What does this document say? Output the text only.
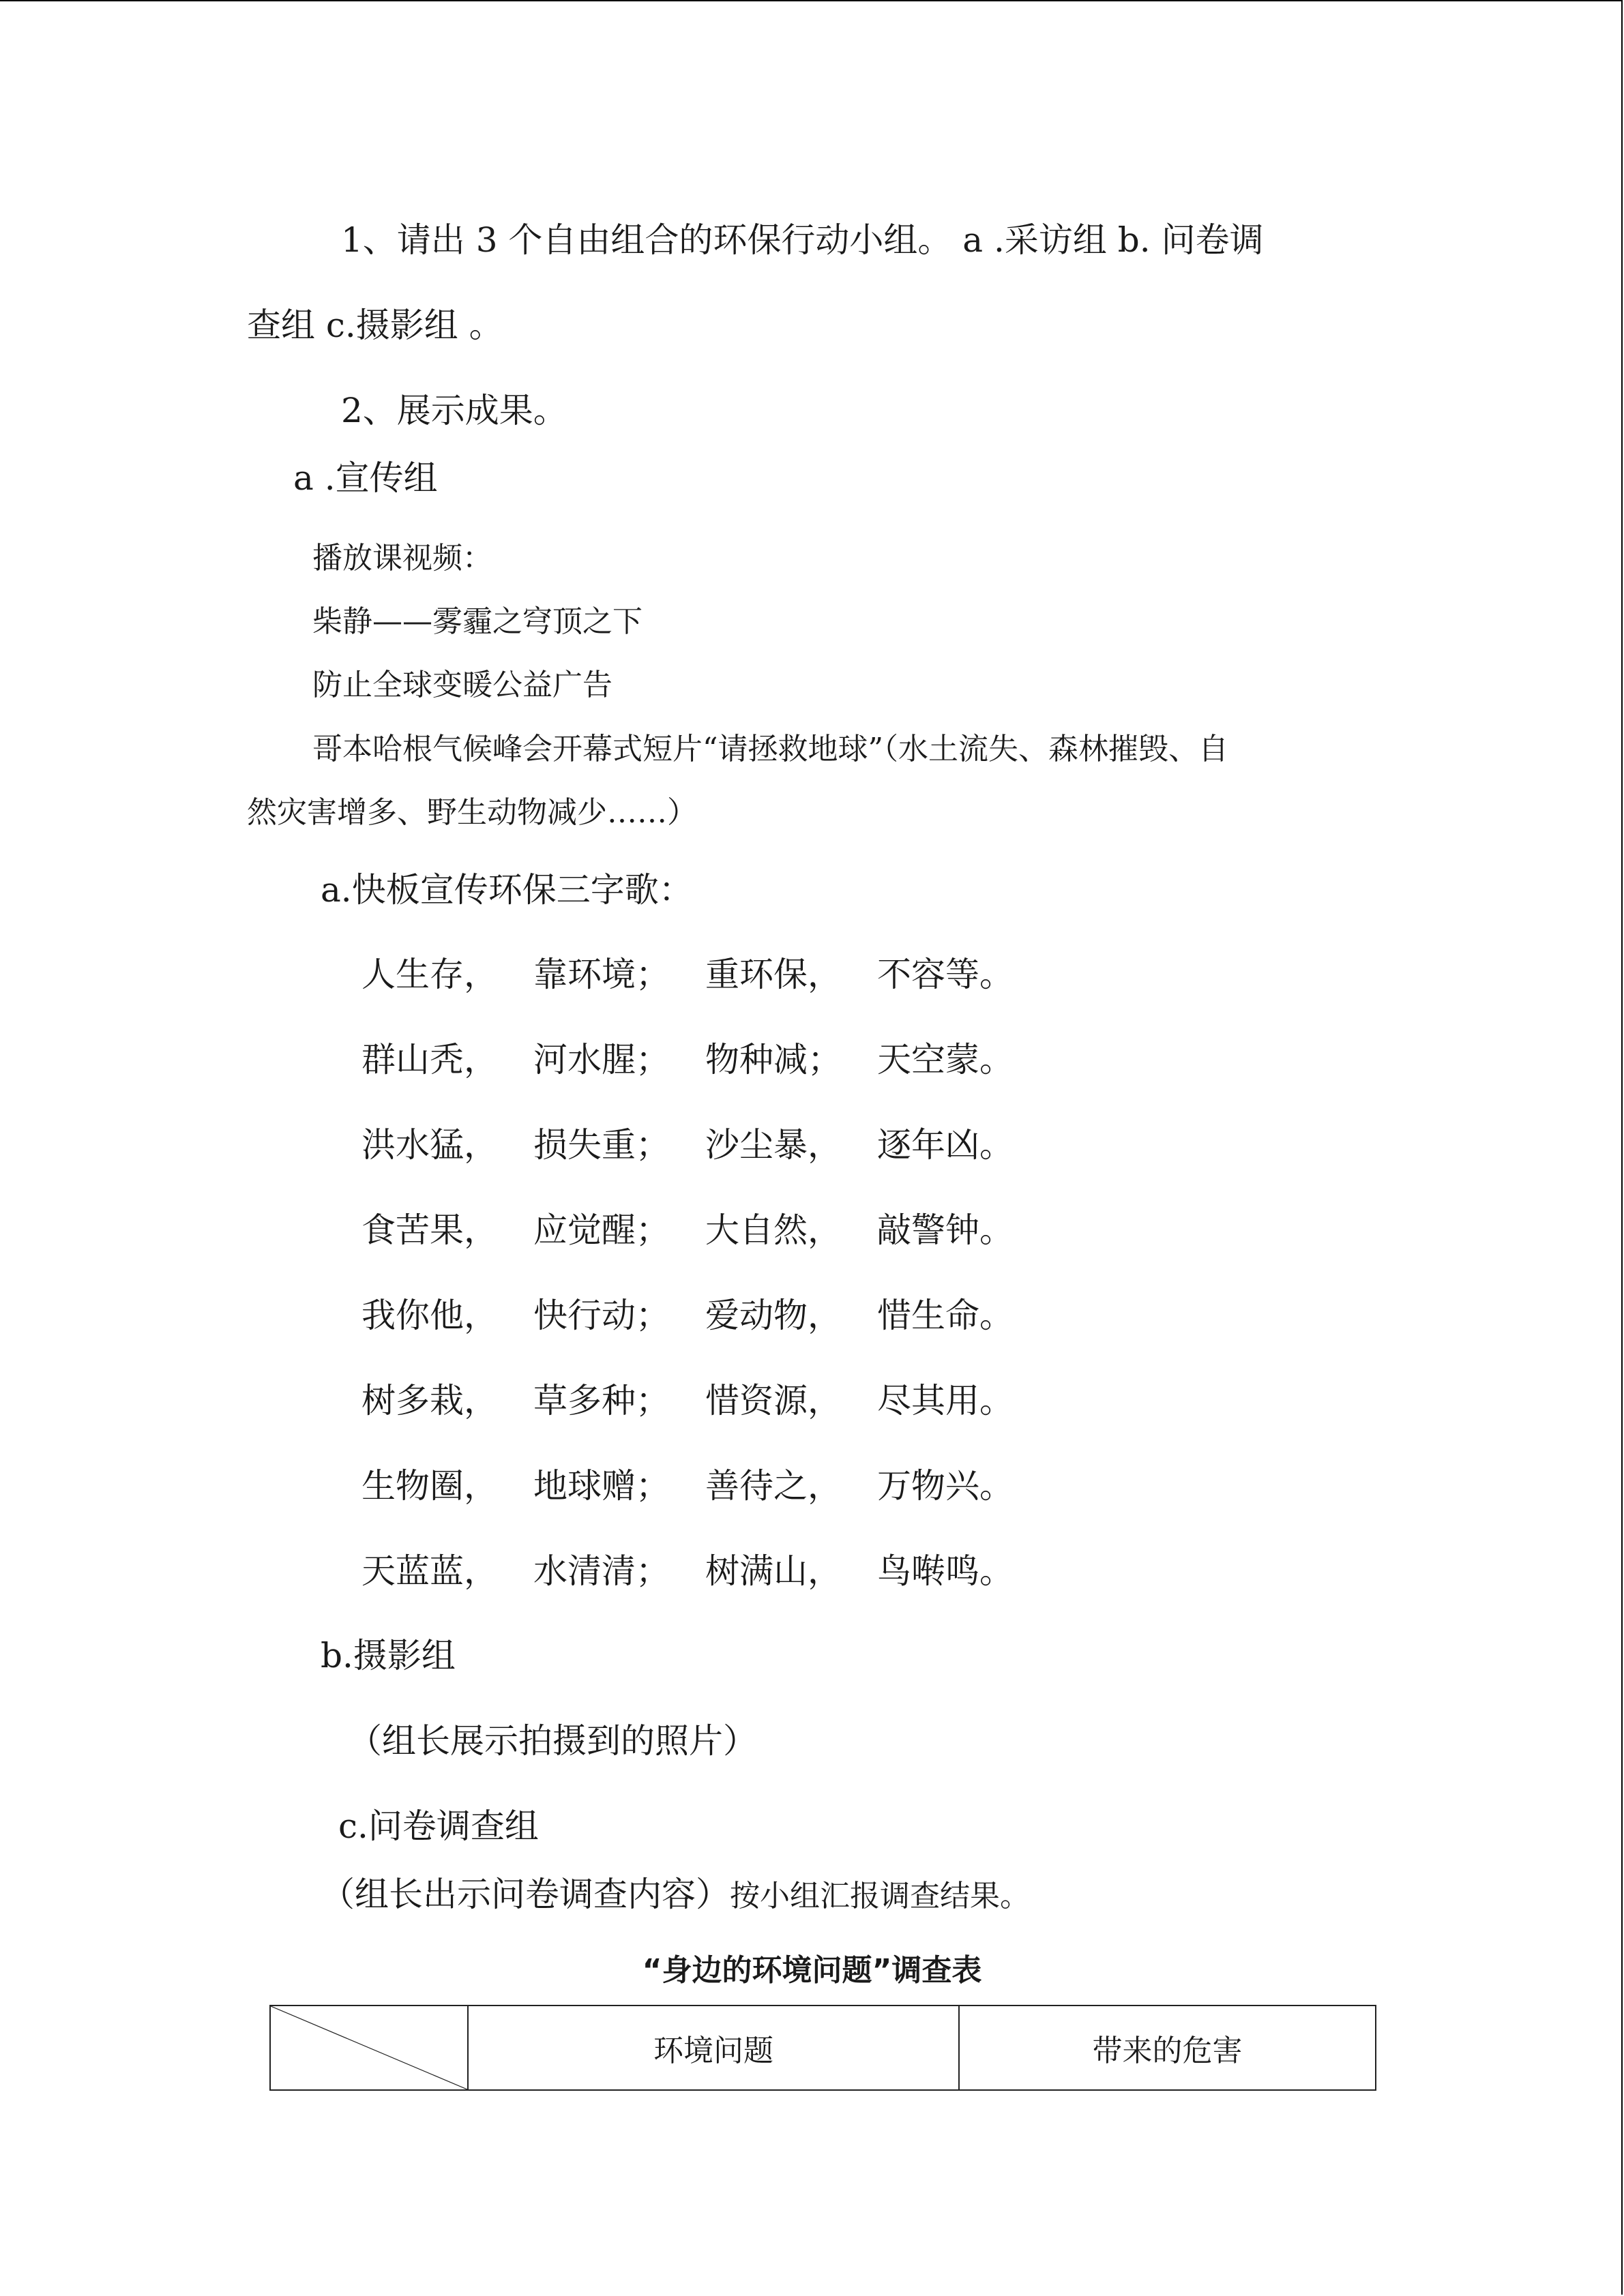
1、请出 3 个自由组合的环保行动小组。 a .采访组 b. 问卷调
查组 c.摄影组 。
2、展示成果。
a .宣传组
播放课视频：
柴静——雾霾之穹顶之下
防止全球变暖公益广告
哥本哈根气候峰会开幕式短片“请拯救地球”（水土流失、森林摧毁、自
然灾害增多、野生动物减少……）
a.快板宣传环保三字歌：
人生存， 靠环境； 重环保， 不容等。
群山秃， 河水腥； 物种减； 天空蒙。
洪水猛， 损失重； 沙尘暴， 逐年凶。
食苦果， 应觉醒； 大自然， 敲警钟。
我你他， 快行动； 爱动物， 惜生命。
树多栽， 草多种； 惜资源， 尽其用。
生物圈， 地球赠； 善待之， 万物兴。
天蓝蓝， 水清清； 树满山， 鸟啭鸣。
b.摄影组
（组长展示拍摄到的照片）
c.问卷调查组
（组长出示问卷调查内容）按小组汇报调查结果。
“身边的环境问题”调查表
	环境问题	带来的危害
